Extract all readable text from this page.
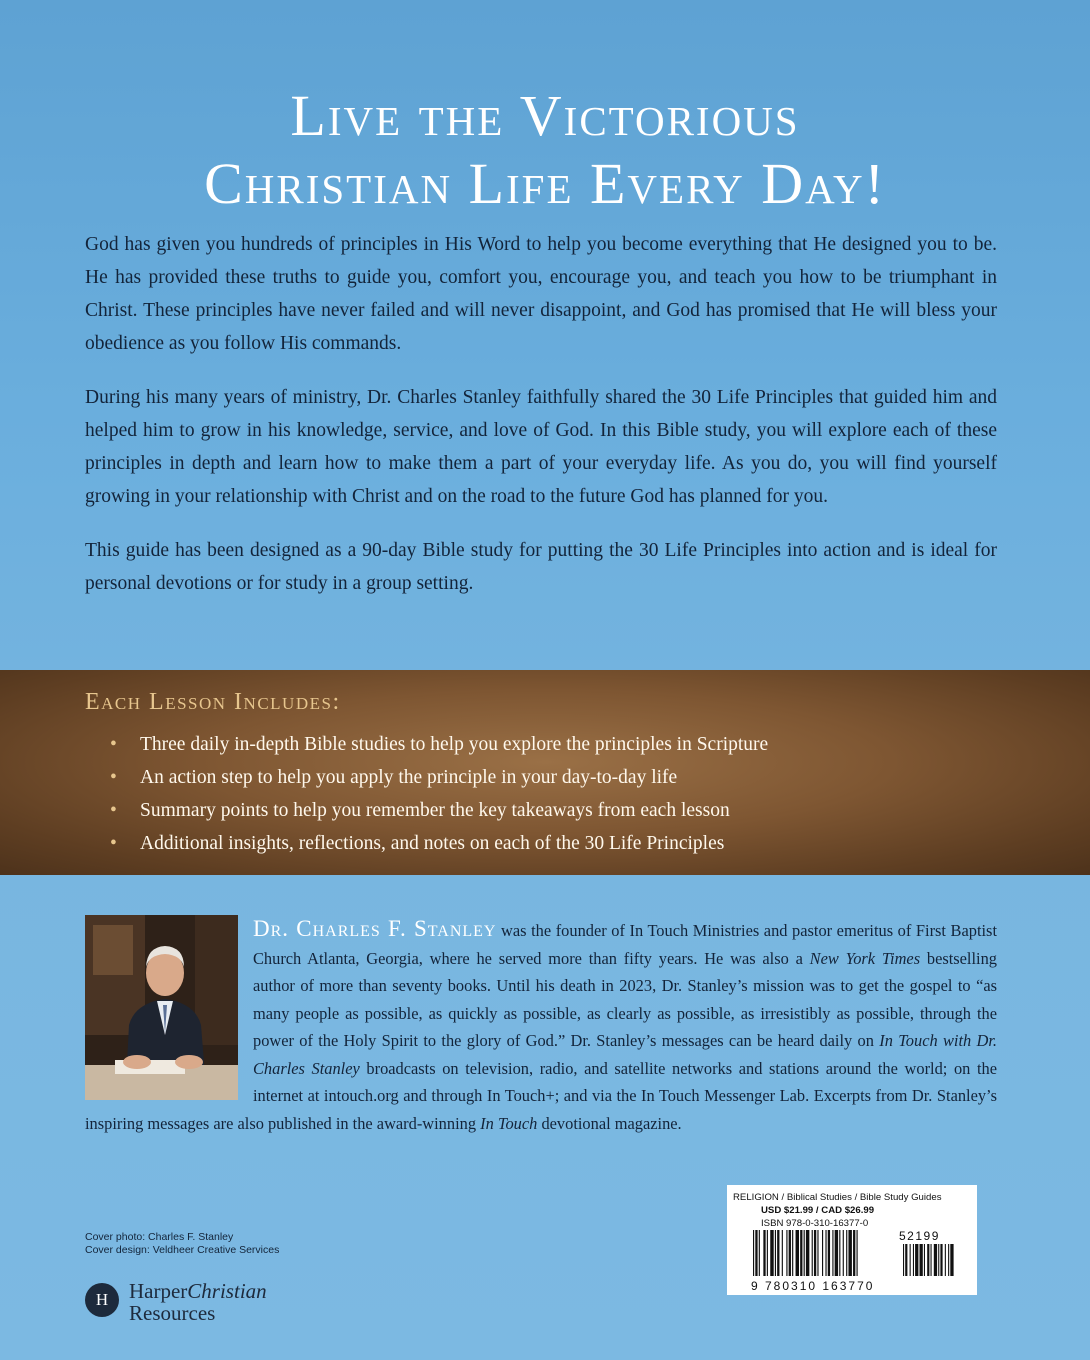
Live the Victorious
Christian Life Every Day!

God has given you hundreds of principles in His Word to help you become everything that He designed you to be. He has provided these truths to guide you, comfort you, encourage you, and teach you how to be triumphant in Christ. These principles have never failed and will never disappoint, and God has promised that He will bless your obedience as you follow His commands.

During his many years of ministry, Dr. Charles Stanley faithfully shared the 30 Life Principles that guided him and helped him to grow in his knowledge, service, and love of God. In this Bible study, you will explore each of these principles in depth and learn how to make them a part of your everyday life. As you do, you will find yourself growing in your relationship with Christ and on the road to the future God has planned for you.

This guide has been designed as a 90-day Bible study for putting the 30 Life Principles into action and is ideal for personal devotions or for study in a group setting.

Each Lesson Includes:
• Three daily in-depth Bible studies to help you explore the principles in Scripture
• An action step to help you apply the principle in your day-to-day life
• Summary points to help you remember the key takeaways from each lesson
• Additional insights, reflections, and notes on each of the 30 Life Principles
Dr. Charles F. Stanley was the founder of In Touch Ministries and pastor emeritus of First Baptist Church Atlanta, Georgia, where he served more than fifty years. He was also a New York Times bestselling author of more than seventy books. Until his death in 2023, Dr. Stanley’s mission was to get the gospel to “as many people as possible, as quickly as possible, as clearly as possible, as irresistibly as possible, through the power of the Holy Spirit to the glory of God.” Dr. Stanley’s messages can be heard daily on In Touch with Dr. Charles Stanley broadcasts on television, radio, and satellite networks and stations around the world; on the internet at intouch.org and through In Touch+; and via the In Touch Messenger Lab. Excerpts from Dr. Stanley’s inspiring messages are also published in the award-winning In Touch devotional magazine.
Cover photo: Charles F. Stanley
Cover design: Veldheer Creative Services
H HarperChristian
Resources
RELIGION / Biblical Studies / Bible Study Guides
USD $21.99 / CAD $26.99
ISBN 978-0-310-16377-0
52199
9 780310 163770
